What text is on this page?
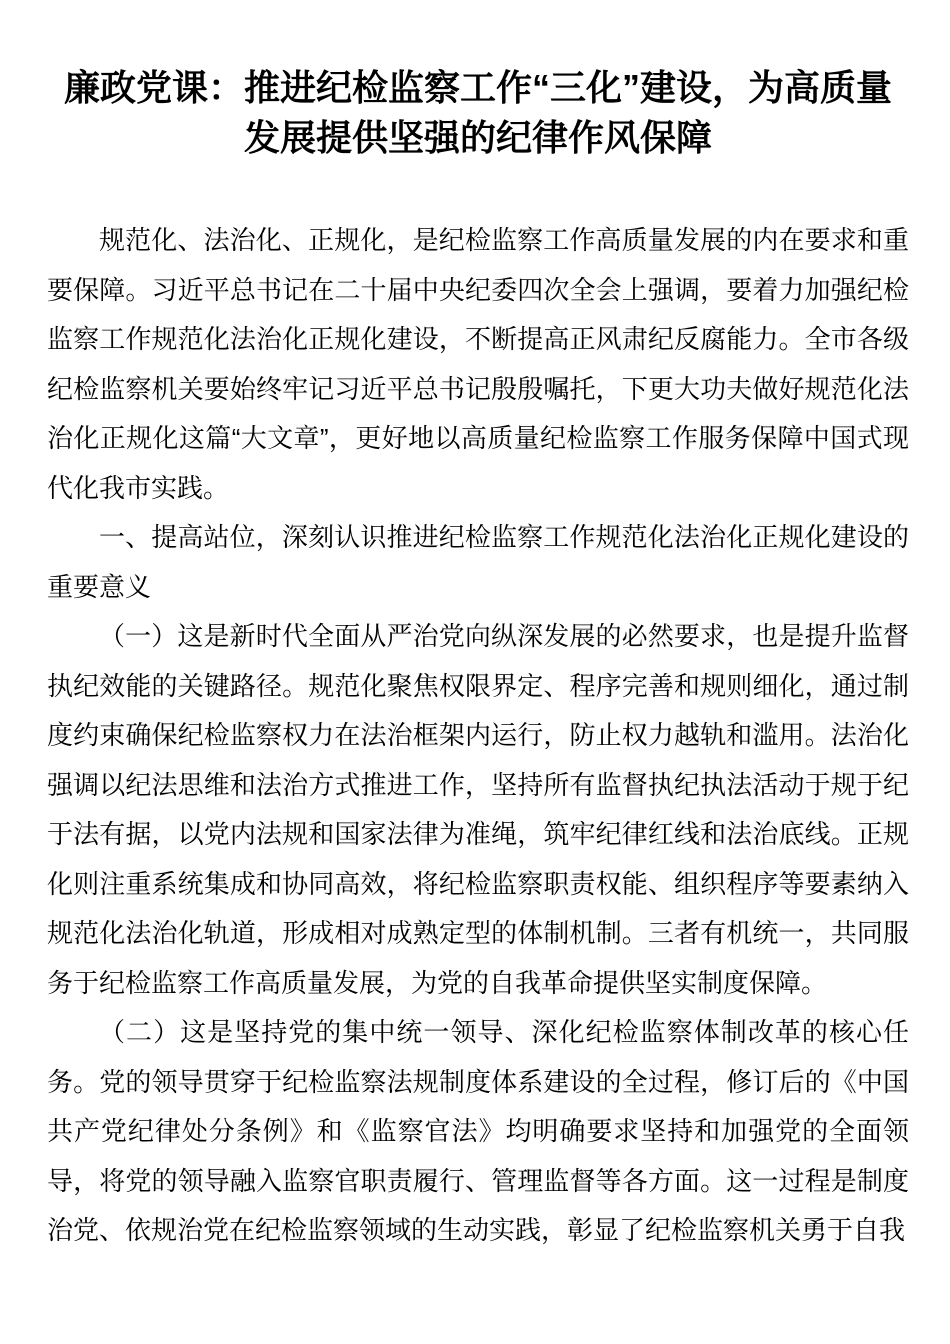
廉政党课：推进纪检监察工作“三化”建设，为高质量发展提供坚强的纪律作风保障

规范化、法治化、正规化，是纪检监察工作高质量发展的内在要求和重要保障。习近平总书记在二十届中央纪委四次全会上强调，要着力加强纪检监察工作规范化法治化正规化建设，不断提高正风肃纪反腐能力。全市各级纪检监察机关要始终牢记习近平总书记殷殷嘱托，下更大功夫做好规范化法治化正规化这篇“大文章”，更好地以高质量纪检监察工作服务保障中国式现代化我市实践。

一、提高站位，深刻认识推进纪检监察工作规范化法治化正规化建设的重要意义

（一）这是新时代全面从严治党向纵深发展的必然要求，也是提升监督执纪效能的关键路径。规范化聚焦权限界定、程序完善和规则细化，通过制度约束确保纪检监察权力在法治框架内运行，防止权力越轨和滥用。法治化强调以纪法思维和法治方式推进工作，坚持所有监督执纪执法活动于规于纪于法有据，以党内法规和国家法律为准绳，筑牢纪律红线和法治底线。正规化则注重系统集成和协同高效，将纪检监察职责权能、组织程序等要素纳入规范化法治化轨道，形成相对成熟定型的体制机制。三者有机统一，共同服务于纪检监察工作高质量发展，为党的自我革命提供坚实制度保障。

（二）这是坚持党的集中统一领导、深化纪检监察体制改革的核心任务。党的领导贯穿于纪检监察法规制度体系建设的全过程，修订后的《中国共产党纪律处分条例》和《监察官法》均明确要求坚持和加强党的全面领导，将党的领导融入监察官职责履行、管理监督等各方面。这一过程是制度治党、依规治党在纪检监察领域的生动实践，彰显了纪检监察机关勇于自我
